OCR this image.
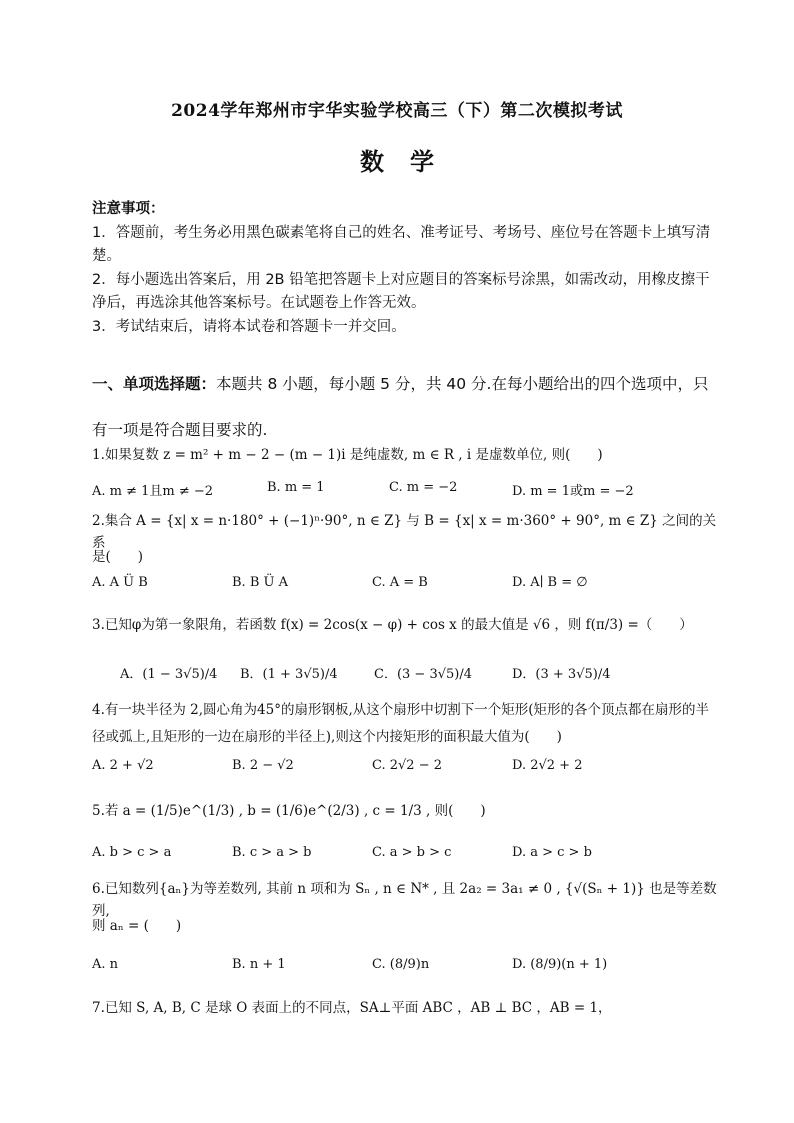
2024学年郑州市宇华实验学校高三（下）第二次模拟考试
数学

注意事项：

1．答题前，考生务必用黑色碳素笔将自己的姓名、准考证号、考场号、座位号在答题卡上填写清楚。

2．每小题选出答案后，用 2B 铅笔把答题卡上对应题目的答案标号涂黑，如需改动，用橡皮擦干净后，再选涂其他答案标号。在试题卷上作答无效。

3．考试结束后，请将本试卷和答题卡一并交回。

一、单项选择题：本题共 8 小题，每小题 5 分，共 40 分.在每小题给出的四个选项中，只有一项是符合题目要求的.
1.如果复数 z = m² + m − 2 − (m − 1)i 是纯虚数, m ∈ R , i 是虚数单位, 则(　　)
A. m ≠ 1且m ≠ −2	B. m = 1	C. m = −2	D. m = 1或m = −2
2.集合 A = {x| x = n·180° + (−1)ⁿ·90°, n ∈ Z} 与 B = {x| x = m·360° + 90°, m ∈ Z} 之间的关系
是(　　)
A. A Ü B	B. B Ü A	C. A = B	D. A∣ B = ∅
3.已知φ为第一象限角，若函数 f(x) = 2cos(x − φ) + cos x 的最大值是 √6 ，则 f(π/3) =（　　）
A．(1 − 3√5)/4 B．(1 + 3√5)/4	C．(3 − 3√5)/4	D．(3 + 3√5)/4
4.有一块半径为 2,圆心角为45°的扇形钢板,从这个扇形中切割下一个矩形(矩形的各个顶点都在扇形的半径或弧上,且矩形的一边在扇形的半径上),则这个内接矩形的面积最大值为(　　)
A. 2 + √2	B. 2 − √2	C. 2√2 − 2	D. 2√2 + 2
5.若 a = (1/5)e^(1/3) , b = (1/6)e^(2/3) , c = 1/3 , 则(　　)
A. b > c > a	B. c > a > b	C. a > b > c	D. a > c > b
6.已知数列{aₙ}为等差数列, 其前 n 项和为 Sₙ , n ∈ N* , 且 2a₂ = 3a₁ ≠ 0 , {√(Sₙ + 1)} 也是等差数列,
则 aₙ = (　　)
A. n	B. n + 1	C. (8/9)n	D. (8/9)(n + 1)
7.已知 S, A, B, C 是球 O 表面上的不同点，SA⊥平面 ABC ，AB ⊥ BC ，AB = 1，
